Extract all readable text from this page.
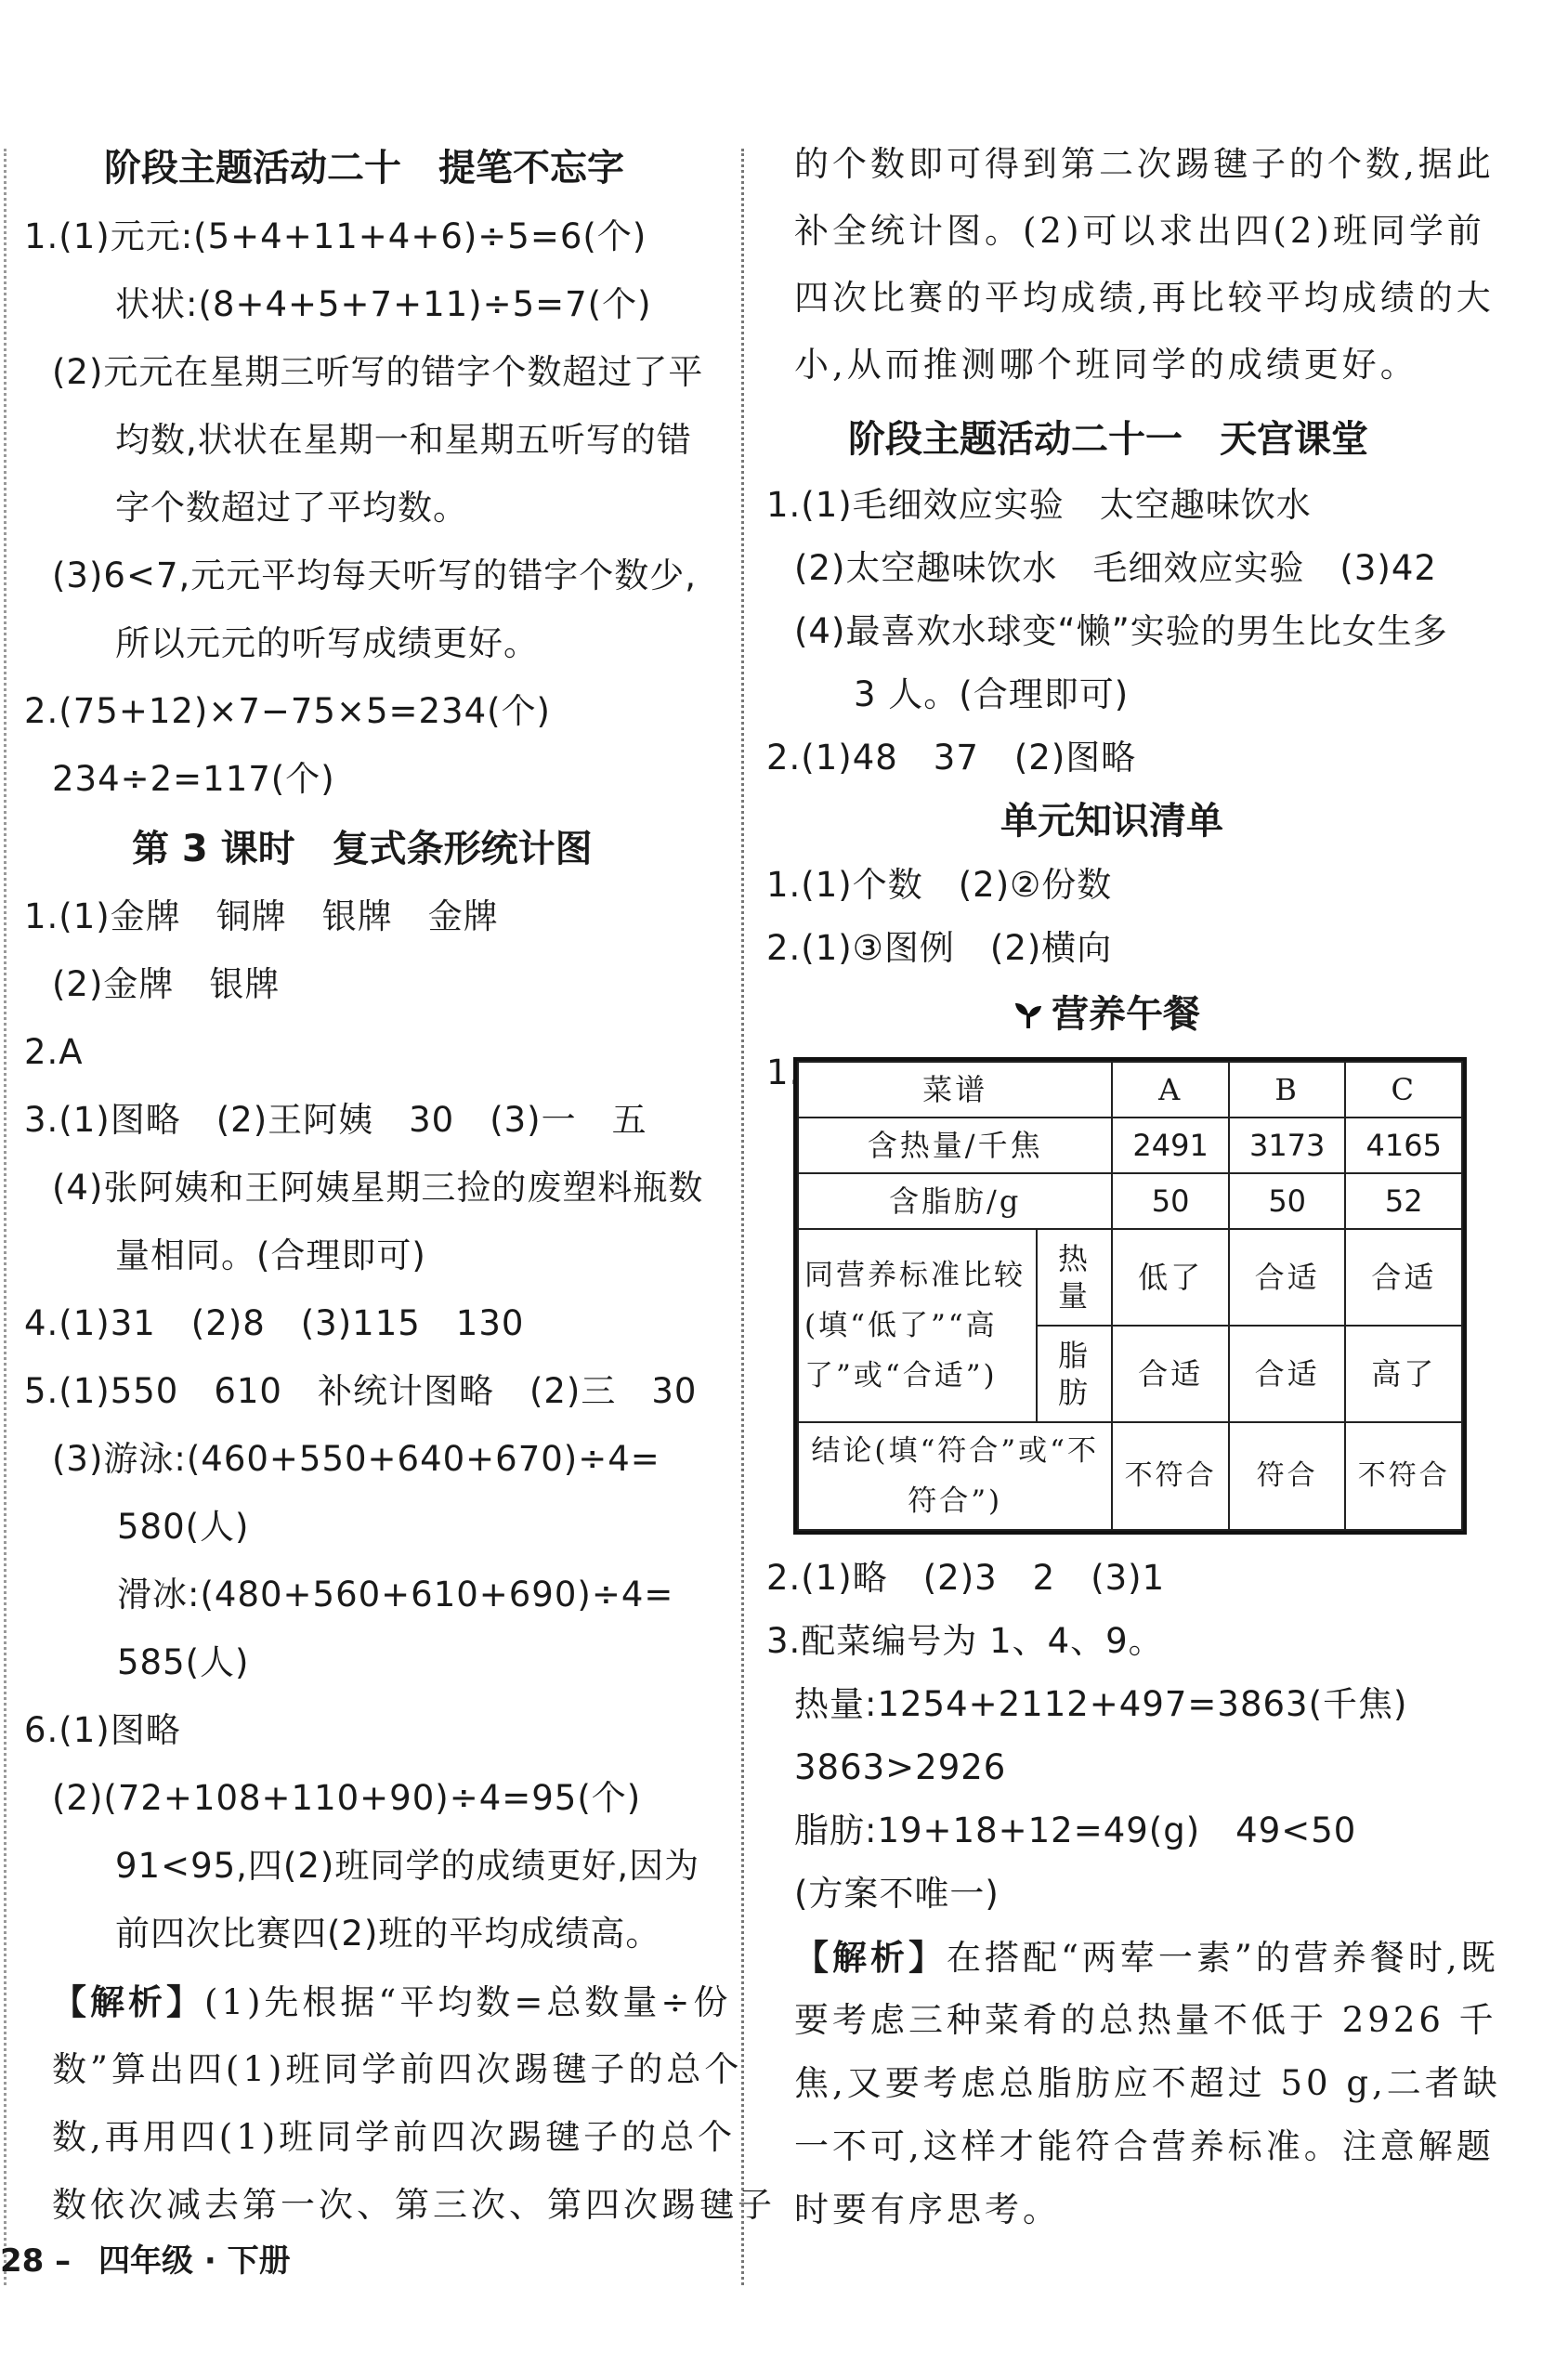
阶段主题活动二十　提笔不忘字
1.(1)元元:(5+4+11+4+6)÷5=6(个)
状状:(8+4+5+7+11)÷5=7(个)
(2)元元在星期三听写的错字个数超过了平
均数,状状在星期一和星期五听写的错
字个数超过了平均数。
(3)6<7,元元平均每天听写的错字个数少,
所以元元的听写成绩更好。
2.(75+12)×7−75×5=234(个)
234÷2=117(个)
第 3 课时　复式条形统计图
1.(1)金牌　铜牌　银牌　金牌
(2)金牌　银牌
2.A
3.(1)图略　(2)王阿姨　30　(3)一　五
(4)张阿姨和王阿姨星期三捡的废塑料瓶数
量相同。(合理即可)
4.(1)31　(2)8　(3)115　130
5.(1)550　610　补统计图略　(2)三　30
(3)游泳:(460+550+640+670)÷4=
580(人)
滑冰:(480+560+610+690)÷4=
585(人)
6.(1)图略
(2)(72+108+110+90)÷4=95(个)
91<95,四(2)班同学的成绩更好,因为
前四次比赛四(2)班的平均成绩高。
【解析】(1)先根据“平均数=总数量÷份
数”算出四(1)班同学前四次踢毽子的总个
数,再用四(1)班同学前四次踢毽子的总个
数依次减去第一次、第三次、第四次踢毽子
的个数即可得到第二次踢毽子的个数,据此
补全统计图。(2)可以求出四(2)班同学前
四次比赛的平均成绩,再比较平均成绩的大
小,从而推测哪个班同学的成绩更好。
阶段主题活动二十一　天宫课堂
1.(1)毛细效应实验　太空趣味饮水
(2)太空趣味饮水　毛细效应实验　(3)42
(4)最喜欢水球变“懒”实验的男生比女生多
3 人。(合理即可)
2.(1)48　37　(2)图略
单元知识清单
1.(1)个数　(2)②份数
2.(1)③图例　(2)横向
营养午餐
1.	菜谱		A	B	C
含热量/千焦		2491	3173	4165
含脂肪/g		50	50	52
同营养标准比较(填“低了”“高了”或“合适”)	热量	低了	合适	合适
	脂肪	合适	合适	高了
结论(填“符合”或“不符合”)		不符合	符合	不符合
2.(1)略　(2)3　2　(3)1
3.配菜编号为 1、4、9。
热量:1254+2112+497=3863(千焦)
3863>2926
脂肪:19+18+12=49(g)　49<50
(方案不唯一)
【解析】在搭配“两荤一素”的营养餐时,既
要考虑三种菜肴的总热量不低于 2926 千
焦,又要考虑总脂肪应不超过 50 g,二者缺
一不可,这样才能符合营养标准。注意解题
时要有序思考。
28 – 四年级 · 下册
